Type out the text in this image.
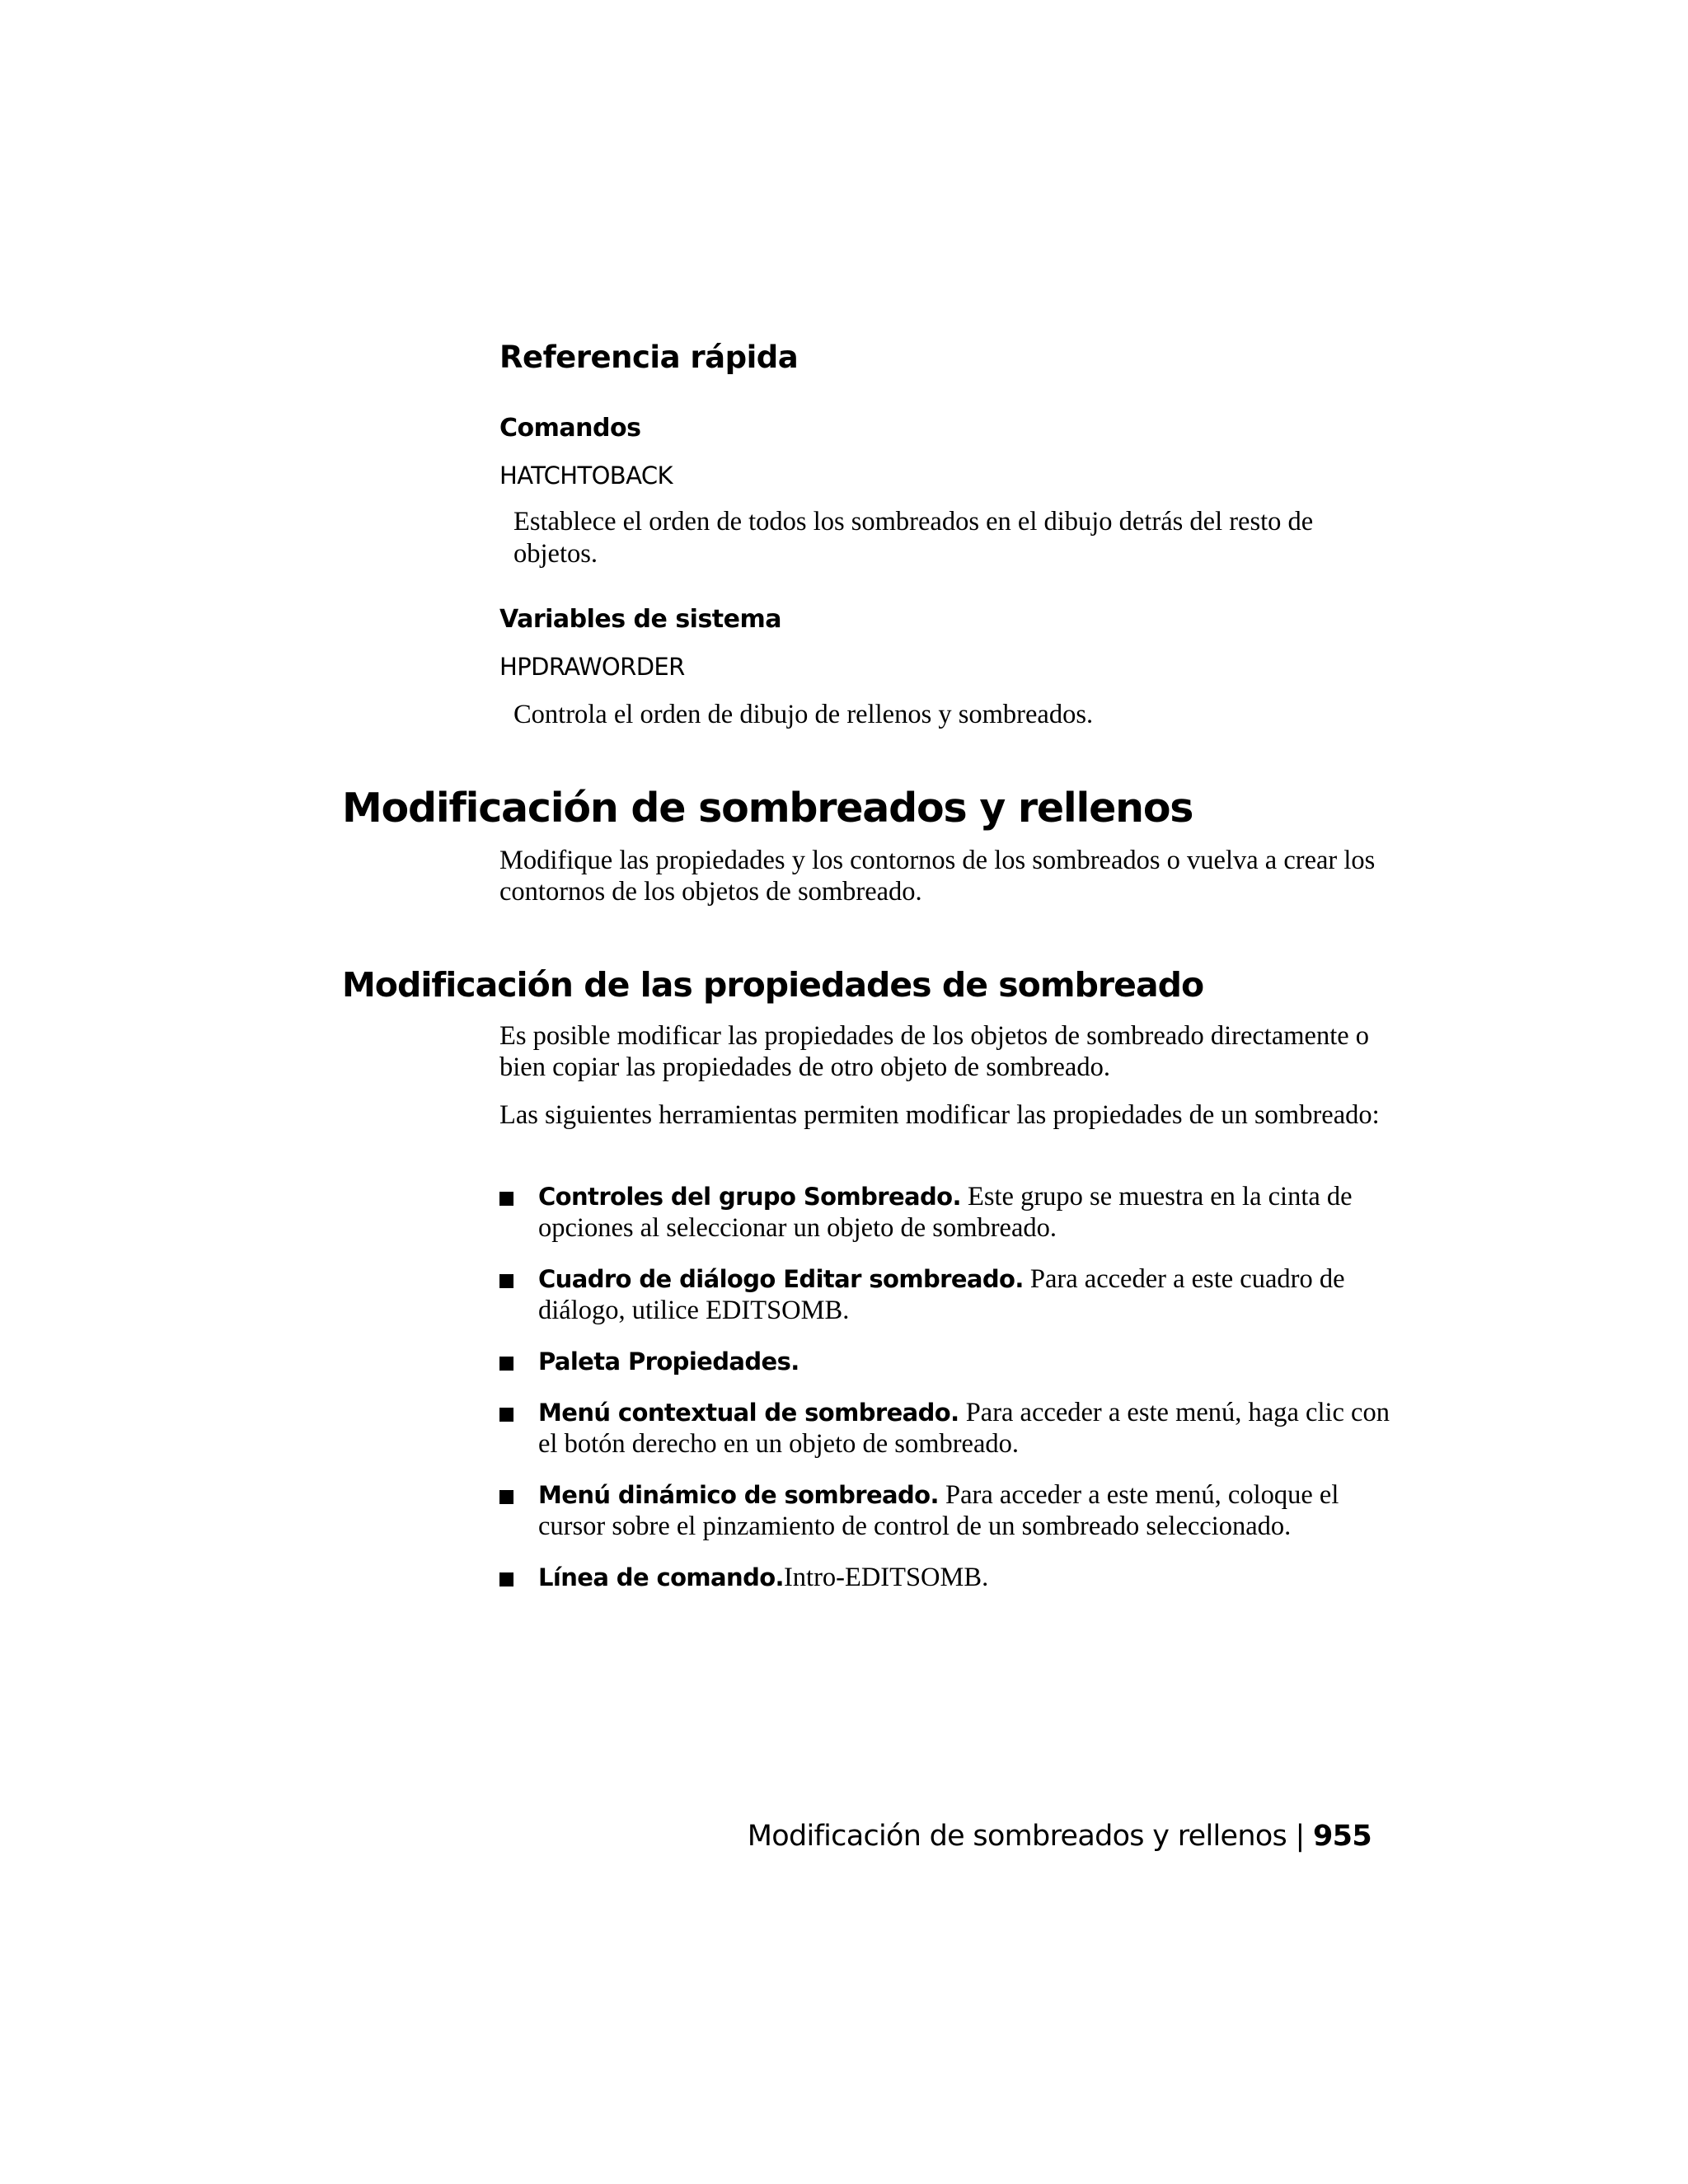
Referencia rápida
Comandos
HATCHTOBACK

Establece el orden de todos los sombreados en el dibujo detrás del resto de objetos.

Variables de sistema
HPDRAWORDER

Controla el orden de dibujo de rellenos y sombreados.

Modificación de sombreados y rellenos

Modifique las propiedades y los contornos de los sombreados o vuelva a crear los contornos de los objetos de sombreado.

Modificación de las propiedades de sombreado

Es posible modificar las propiedades de los objetos de sombreado directamente o bien copiar las propiedades de otro objeto de sombreado.

Las siguientes herramientas permiten modificar las propiedades de un sombreado:

Controles del grupo Sombreado. Este grupo se muestra en la cinta de opciones al seleccionar un objeto de sombreado.
Cuadro de diálogo Editar sombreado. Para acceder a este cuadro de diálogo, utilice EDITSOMB.
Paleta Propiedades.
Menú contextual de sombreado. Para acceder a este menú, haga clic con el botón derecho en un objeto de sombreado.
Menú dinámico de sombreado. Para acceder a este menú, coloque el cursor sobre el pinzamiento de control de un sombreado seleccionado.
Línea de comando.Intro-EDITSOMB.
Modificación de sombreados y rellenos | 955
